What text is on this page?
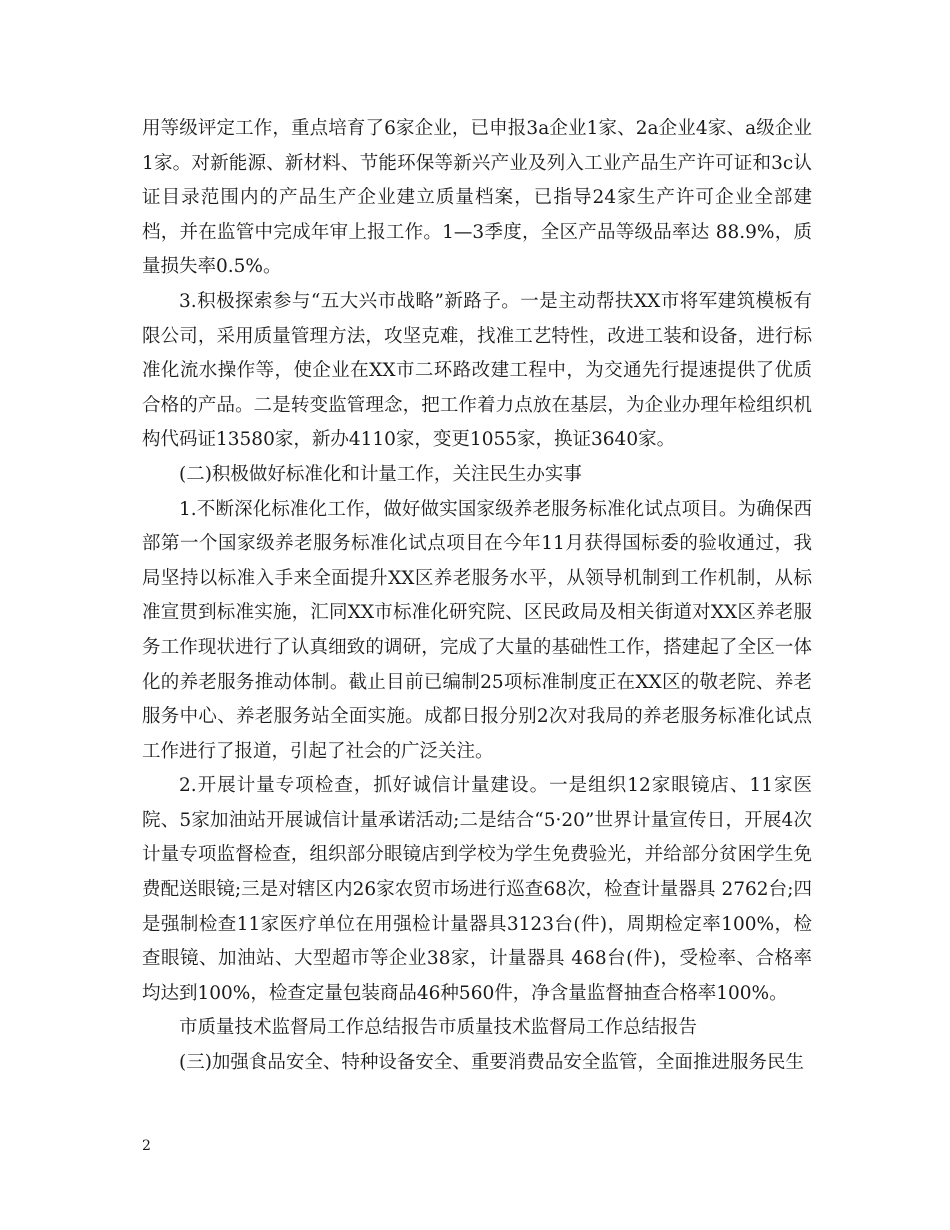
用等级评定工作，重点培育了6家企业，已申报3a企业1家、2a企业4家、a级企业1家。对新能源、新材料、节能环保等新兴产业及列入工业产品生产许可证和3c认证目录范围内的产品生产企业建立质量档案，已指导24家生产许可企业全部建档，并在监管中完成年审上报工作。1—3季度，全区产品等级品率达 88.9%，质量损失率0.5%。

3.积极探索参与“五大兴市战略”新路子。一是主动帮扶XX市将军建筑模板有限公司，采用质量管理方法，攻坚克难，找准工艺特性，改进工装和设备，进行标准化流水操作等，使企业在XX市二环路改建工程中，为交通先行提速提供了优质合格的产品。二是转变监管理念，把工作着力点放在基层，为企业办理年检组织机构代码证13580家，新办4110家，变更1055家，换证3640家。

(二)积极做好标准化和计量工作，关注民生办实事

1.不断深化标准化工作，做好做实国家级养老服务标准化试点项目。为确保西部第一个国家级养老服务标准化试点项目在今年11月获得国标委的验收通过，我局坚持以标准入手来全面提升XX区养老服务水平，从领导机制到工作机制，从标准宣贯到标准实施，汇同XX市标准化研究院、区民政局及相关街道对XX区养老服务工作现状进行了认真细致的调研，完成了大量的基础性工作，搭建起了全区一体化的养老服务推动体制。截止目前已编制25项标准制度正在XX区的敬老院、养老服务中心、养老服务站全面实施。成都日报分别2次对我局的养老服务标准化试点工作进行了报道，引起了社会的广泛关注。

2.开展计量专项检查，抓好诚信计量建设。一是组织12家眼镜店、11家医院、5家加油站开展诚信计量承诺活动;二是结合“5·20”世界计量宣传日，开展4次计量专项监督检查，组织部分眼镜店到学校为学生免费验光，并给部分贫困学生免费配送眼镜;三是对辖区内26家农贸市场进行巡查68次，检查计量器具 2762台;四是强制检查11家医疗单位在用强检计量器具3123台(件)，周期检定率100%，检查眼镜、加油站、大型超市等企业38家，计量器具 468台(件)，受检率、合格率均达到100%，检查定量包装商品46种560件，净含量监督抽查合格率100%。

市质量技术监督局工作总结报告市质量技术监督局工作总结报告

(三)加强食品安全、特种设备安全、重要消费品安全监管，全面推进服务民生

2
